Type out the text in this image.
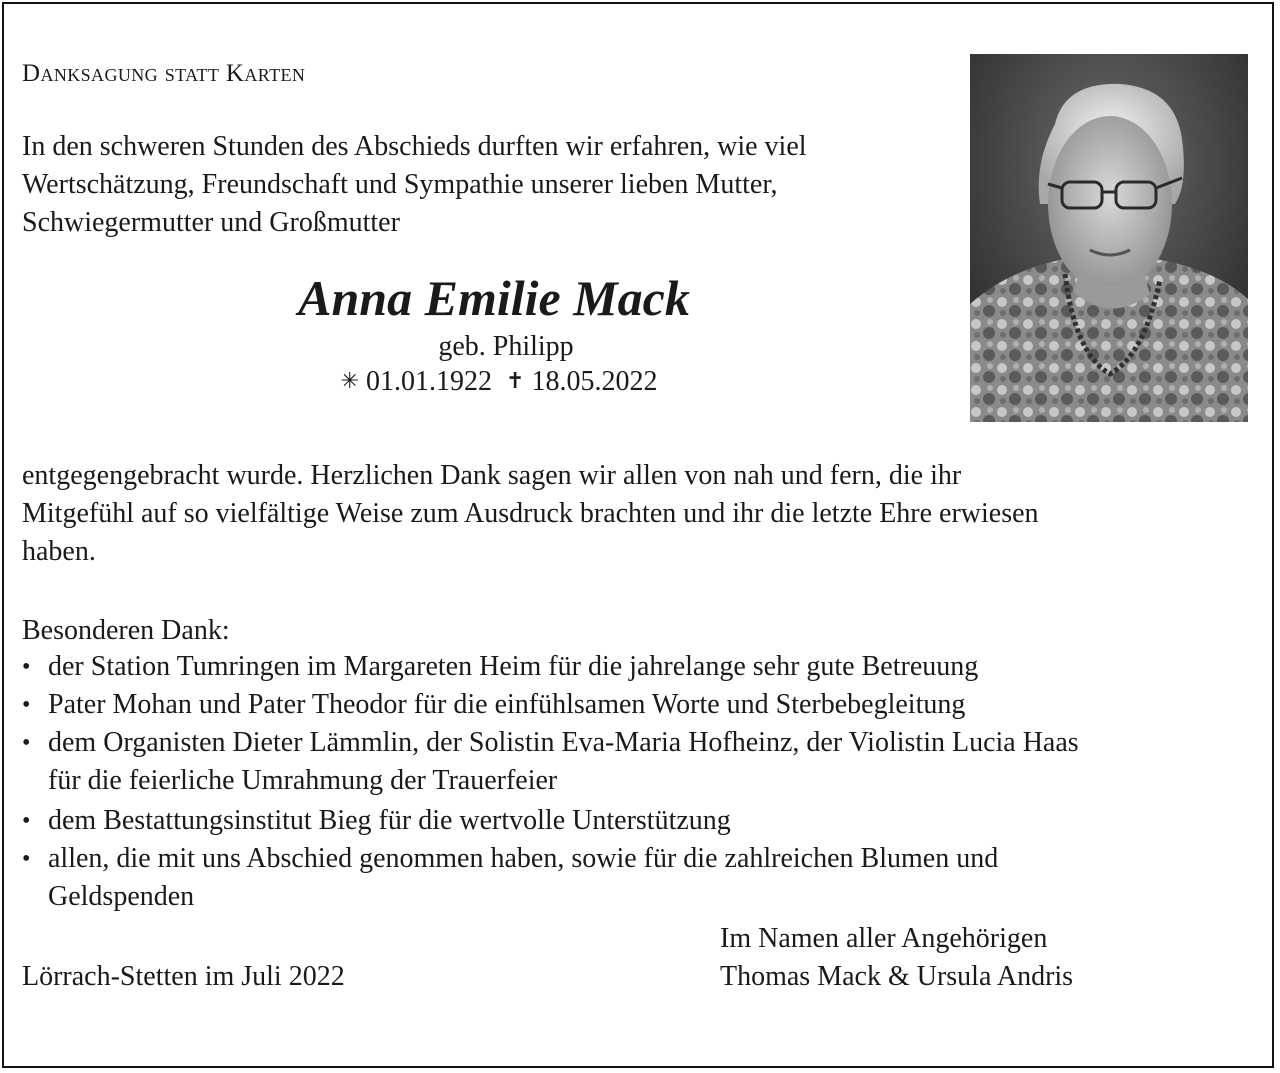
Danksagung statt Karten
In den schweren Stunden des Abschieds durften wir erfahren, wie viel
Wertschätzung, Freundschaft und Sympathie unserer lieben Mutter,
Schwiegermutter und Großmutter
Anna Emilie Mack
geb. Philipp
✳ 01.01.1922 ✝ 18.05.2022
entgegengebracht wurde. Herzlichen Dank sagen wir allen von nah und fern, die ihr
Mitgefühl auf so vielfältige Weise zum Ausdruck brachten und ihr die letzte Ehre erwiesen
haben.
Besonderen Dank:
• der Station Tumringen im Margareten Heim für die jahrelange sehr gute Betreuung
• Pater Mohan und Pater Theodor für die einfühlsamen Worte und Sterbebegleitung
• dem Organisten Dieter Lämmlin, der Solistin Eva-Maria Hofheinz, der Violistin Lucia Haas
für die feierliche Umrahmung der Trauerfeier
• dem Bestattungsinstitut Bieg für die wertvolle Unterstützung
• allen, die mit uns Abschied genommen haben, sowie für die zahlreichen Blumen und
Geldspenden
Im Namen aller Angehörigen
Lörrach-Stetten im Juli 2022	Thomas Mack & Ursula Andris
